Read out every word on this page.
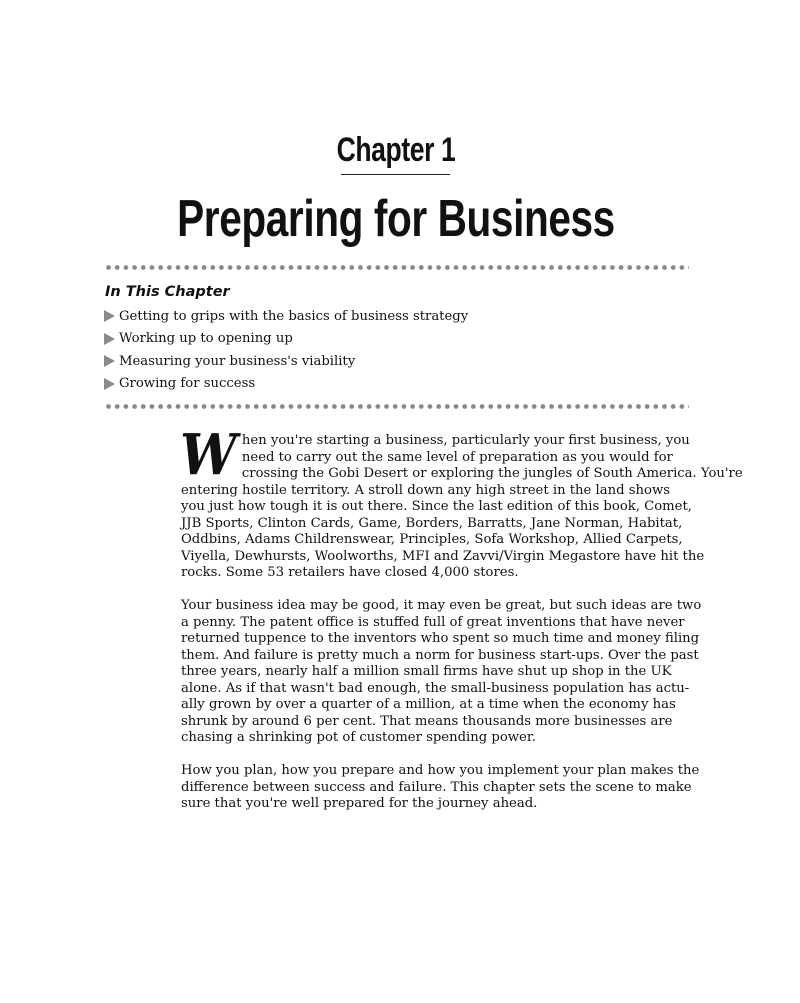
Chapter 1
Preparing for Business
In This Chapter
Getting to grips with the basics of business strategy
Working up to opening up
Measuring your business's viability
Growing for success

W hen you're starting a business, particularly your first business, you
need to carry out the same level of preparation as you would for
crossing the Gobi Desert or exploring the jungles of South America. You're
entering hostile territory. A stroll down any high street in the land shows
you just how tough it is out there. Since the last edition of this book, Comet,
JJB Sports, Clinton Cards, Game, Borders, Barratts, Jane Norman, Habitat,
Oddbins, Adams Childrenswear, Principles, Sofa Workshop, Allied Carpets,
Viyella, Dewhursts, Woolworths, MFI and Zavvi/Virgin Megastore have hit the
rocks. Some 53 retailers have closed 4,000 stores.

Your business idea may be good, it may even be great, but such ideas are two
a penny. The patent office is stuffed full of great inventions that have never
returned tuppence to the inventors who spent so much time and money filing
them. And failure is pretty much a norm for business start-ups. Over the past
three years, nearly half a million small firms have shut up shop in the UK
alone. As if that wasn't bad enough, the small-business population has actu-
ally grown by over a quarter of a million, at a time when the economy has
shrunk by around 6 per cent. That means thousands more businesses are
chasing a shrinking pot of customer spending power.

How you plan, how you prepare and how you implement your plan makes the
difference between success and failure. This chapter sets the scene to make
sure that you're well prepared for the journey ahead.
